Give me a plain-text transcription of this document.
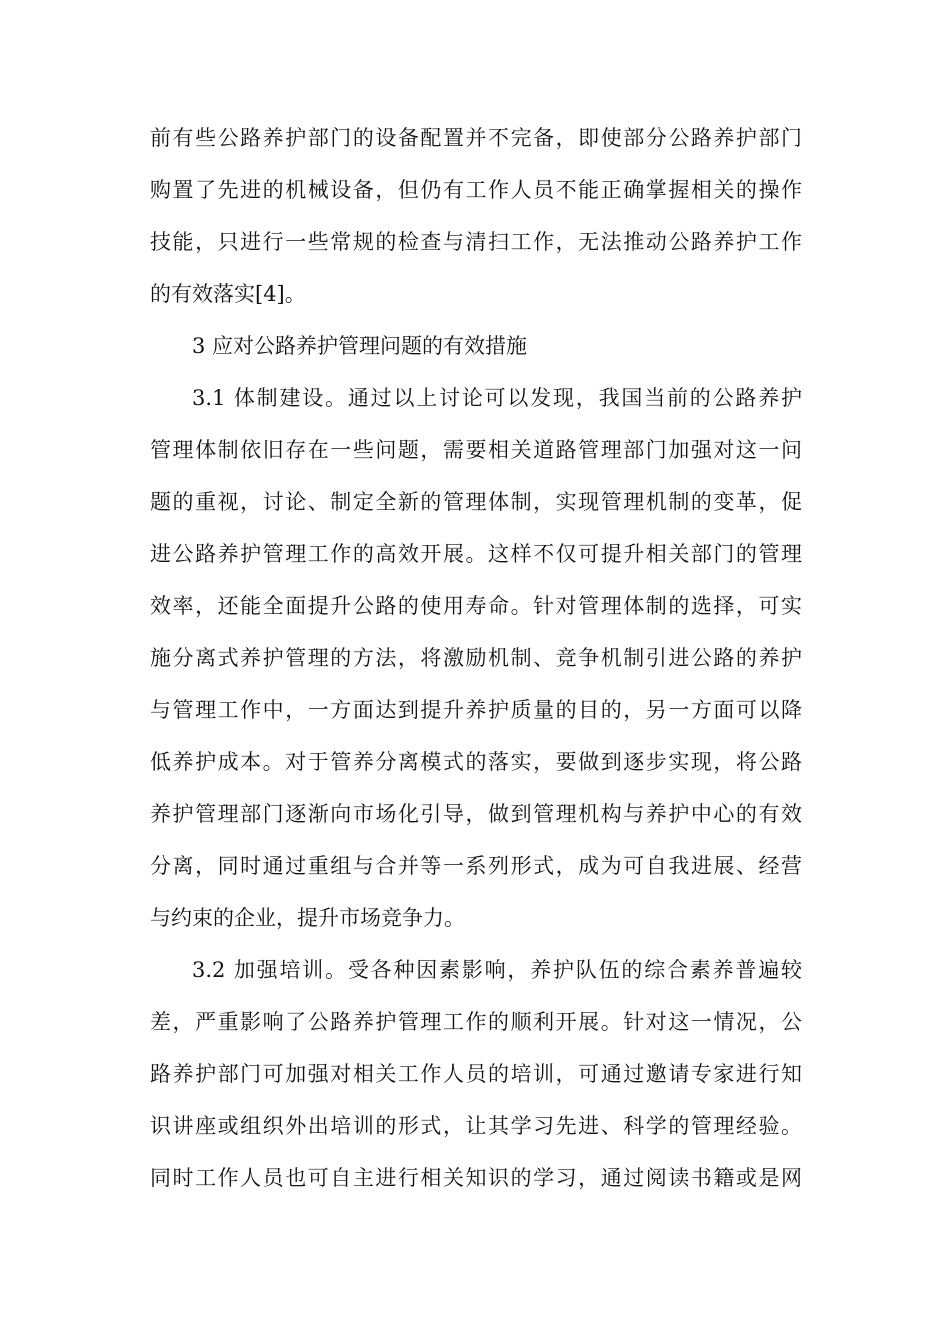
前有些公路养护部门的设备配置并不完备，即使部分公路养护部门
购置了先进的机械设备，但仍有工作人员不能正确掌握相关的操作
技能，只进行一些常规的检查与清扫工作，无法推动公路养护工作
的有效落实[4]。
3 应对公路养护管理问题的有效措施
3.1 体制建设。通过以上讨论可以发现，我国当前的公路养护
管理体制依旧存在一些问题，需要相关道路管理部门加强对这一问
题的重视，讨论、制定全新的管理体制，实现管理机制的变革，促
进公路养护管理工作的高效开展。这样不仅可提升相关部门的管理
效率，还能全面提升公路的使用寿命。针对管理体制的选择，可实
施分离式养护管理的方法，将激励机制、竞争机制引进公路的养护
与管理工作中，一方面达到提升养护质量的目的，另一方面可以降
低养护成本。对于管养分离模式的落实，要做到逐步实现，将公路
养护管理部门逐渐向市场化引导，做到管理机构与养护中心的有效
分离，同时通过重组与合并等一系列形式，成为可自我进展、经营
与约束的企业，提升市场竞争力。
3.2 加强培训。受各种因素影响，养护队伍的综合素养普遍较
差，严重影响了公路养护管理工作的顺利开展。针对这一情况，公
路养护部门可加强对相关工作人员的培训，可通过邀请专家进行知
识讲座或组织外出培训的形式，让其学习先进、科学的管理经验。
同时工作人员也可自主进行相关知识的学习，通过阅读书籍或是网
